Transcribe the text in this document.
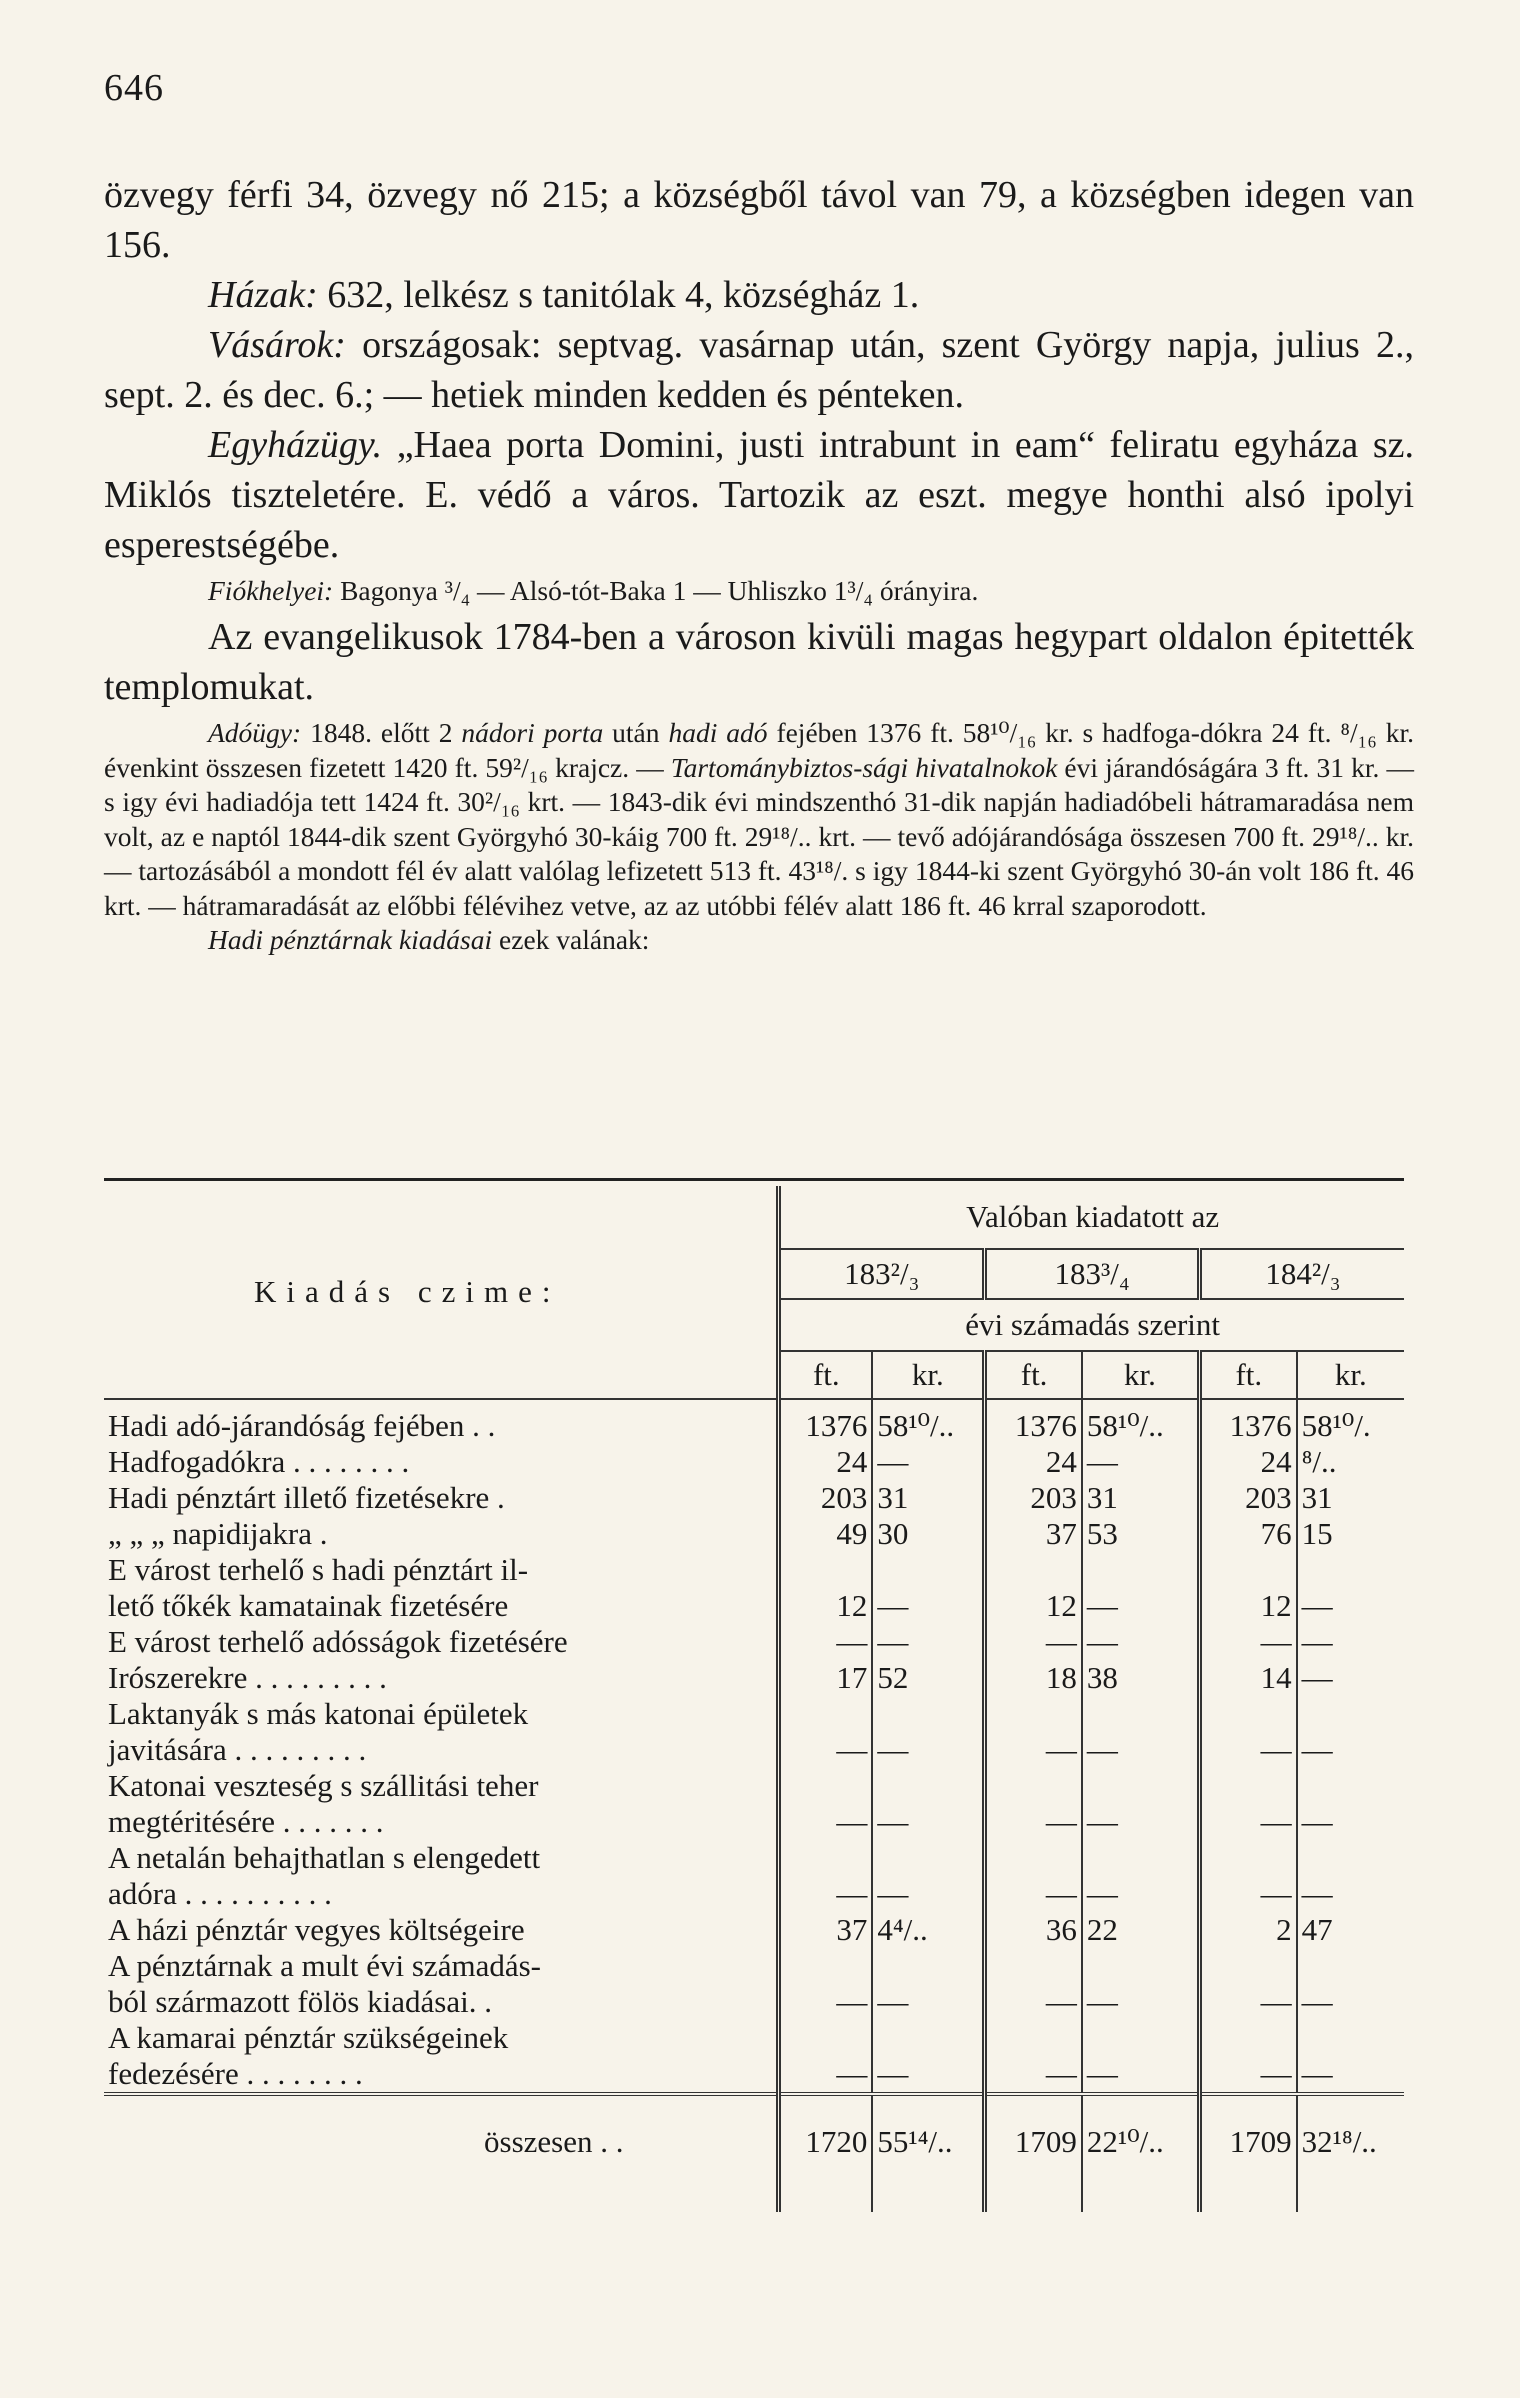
646

özvegy férfi 34, özvegy nő 215; a községből távol van 79, a községben idegen van 156.

Házak: 632, lelkész s tanitólak 4, községház 1.

Vásárok: országosak: septvag. vasárnap után, szent György napja, julius 2., sept. 2. és dec. 6.; — hetiek minden kedden és pénteken.

Egyházügy. „Haea porta Domini, justi intrabunt in eam“ feliratu egyháza sz. Miklós tiszteletére. E. védő a város. Tartozik az eszt. megye honthi alsó ipolyi esperestségébe.

Fiókhelyei: Bagonya ³/₄ — Alsó-tót-Baka 1 — Uhliszko 1³/₄ órányira.

Az evangelikusok 1784-ben a városon kivüli magas hegypart oldalon épitették templomukat.

Adóügy: 1848. előtt 2 nádori porta után hadi adó fejében 1376 ft. 58¹⁰/₁₆ kr. s hadfoga-dókra 24 ft. ⁸/₁₆ kr. évenkint összesen fizetett 1420 ft. 59²/₁₆ krajcz. — Tartománybiztos-sági hivatalnokok évi járandóságára 3 ft. 31 kr. — s igy évi hadiadója tett 1424 ft. 30²/₁₆ krt. — 1843-dik évi mindszenthó 31-dik napján hadiadóbeli hátramaradása nem volt, az e naptól 1844-dik szent Györgyhó 30-káig 700 ft. 29¹⁸/.. krt. — tevő adójárandósága összesen 700 ft. 29¹⁸/.. kr. — tartozásából a mondott fél év alatt valólag lefizetett 513 ft. 43¹⁸/. s igy 1844-ki szent Györgyhó 30-án volt 186 ft. 46 krt. — hátramaradását az előbbi félévihez vetve, az az utóbbi félév alatt 186 ft. 46 krral szaporodott.

Hadi pénztárnak kiadásai ezek valának:

Kiadás czime:	Valóban kiadatott az					
	183²/₃		183³/₄		184²/₃	
	évi számadás szerint					
	ft.	kr.	ft.	kr.	ft.	kr.
Hadi adó-járandóság fejében . .	1376	58¹⁰/..	1376	58¹⁰/..	1376	58¹⁰/.
Hadfogadókra . . . . . . . .	24	—	24	—	24	⁸/..
Hadi pénztárt illető fizetésekre .	203	31	203	31	203	31
„ „ „ napidijakra .	49	30	37	53	76	15
E várost terhelő s hadi pénztárt il-						
lető tőkék kamatainak fizetésére	12	—	12	—	12	—
E várost terhelő adósságok fizetésére	—	—	—	—	—	—
Irószerekre . . . . . . . . .	17	52	18	38	14	—
Laktanyák s más katonai épületek						
javitására . . . . . . . . .	—	—	—	—	—	—
Katonai veszteség s szállitási teher						
megtéritésére . . . . . . .	—	—	—	—	—	—
A netalán behajthatlan s elengedett						
adóra . . . . . . . . . .	—	—	—	—	—	—
A házi pénztár vegyes költségeire	37	4⁴/..	36	22	2	47
A pénztárnak a mult évi számadás-						
ból származott fölös kiadásai. .	—	—	—	—	—	—
A kamarai pénztár szükségeinek						
fedezésére . . . . . . . .	—	—	—	—	—	—
összesen . .	1720	55¹⁴/..	1709	22¹⁰/..	1709	32¹⁸/..
